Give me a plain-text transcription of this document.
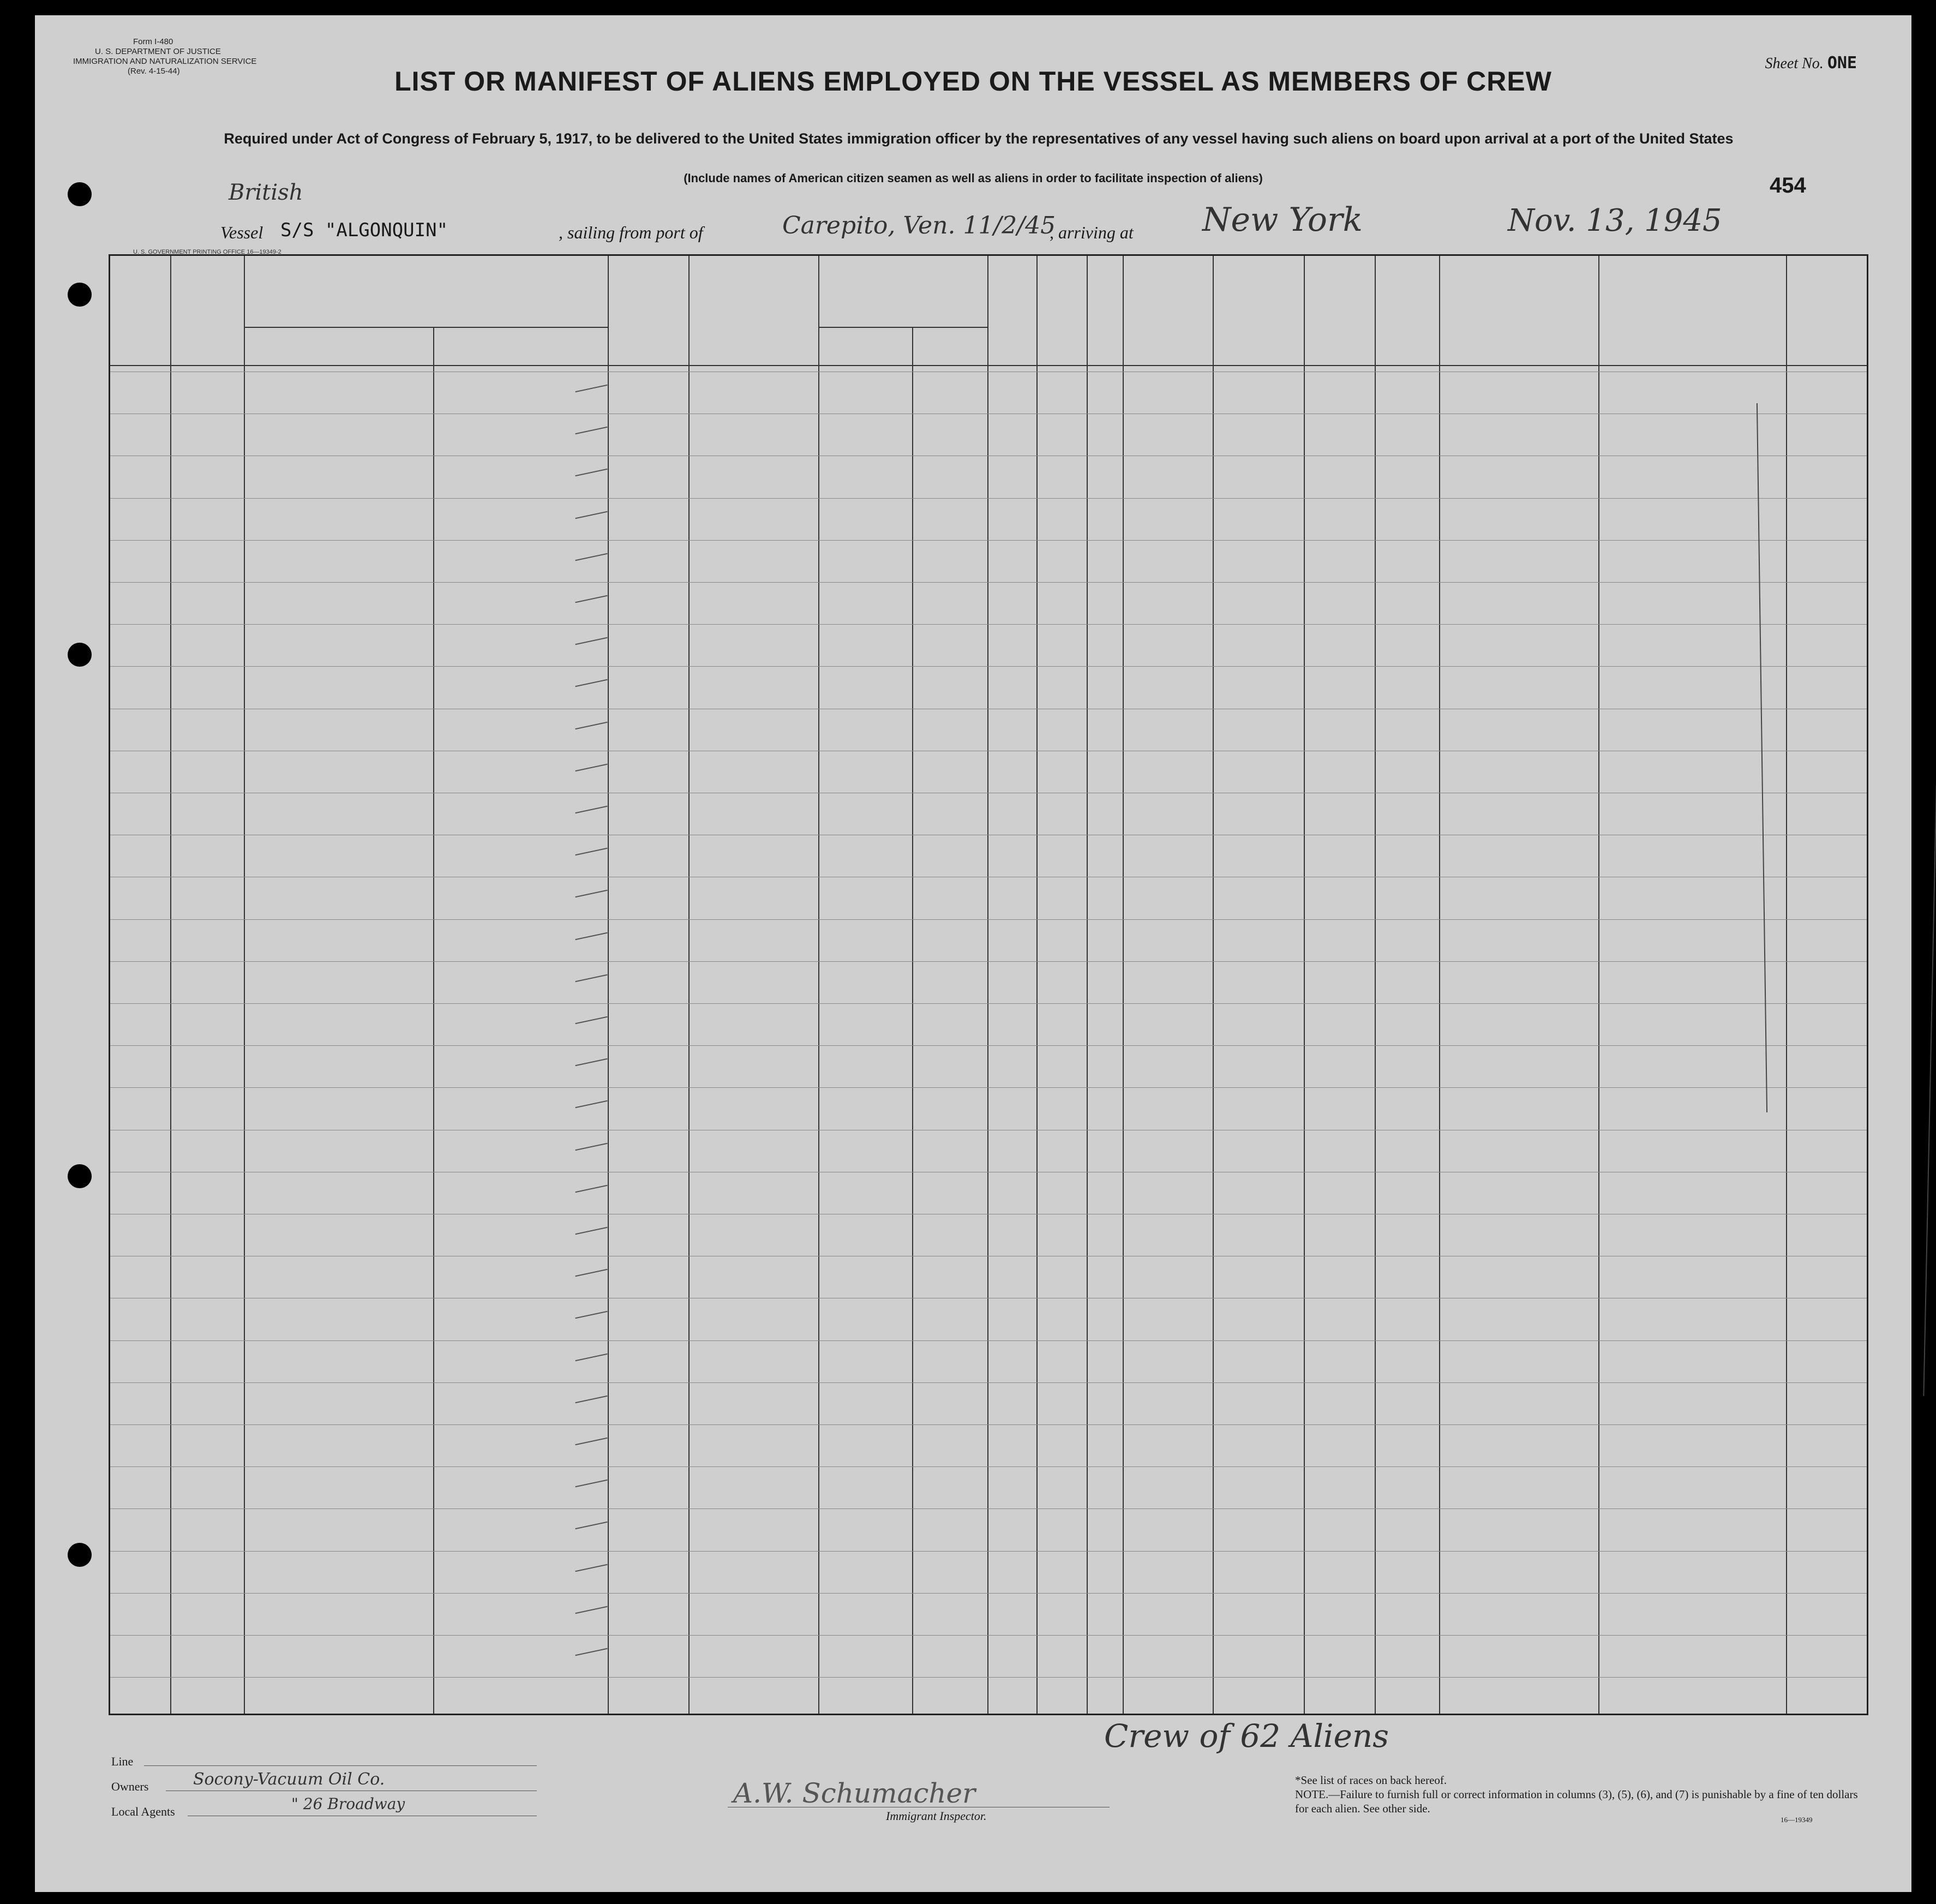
Form I-480
U. S. DEPARTMENT OF JUSTICE
IMMIGRATION AND NATURALIZATION SERVICE
(Rev. 4-15-44)	Sheet No. ONE
LIST OR MANIFEST OF ALIENS EMPLOYED ON THE VESSEL AS MEMBERS OF CREW
Required under Act of Congress of February 5, 1917, to be delivered to the United States immigration officer by the representatives of any vessel having such aliens on board upon arrival at a port of the United States
(Include names of American citizen seamen as well as aliens in order to facilitate inspection of aliens)	454
British
Vessel S/S "ALGONQUIN"	, sailing from port of	Carepito, Ven. 11/2/45
, arriving at New York	Nov. 13, 1945
U. S. GOVERNMENT PRINTING OFFICE 16—19349-2
Crew of 62 Aliens
Line
Owners	Socony-Vacuum Oil Co.
Local Agents	" 26 Broadway	A.W. Schumacher
Immigrant Inspector.
*See list of races on back hereof.
NOTE.—Failure to furnish full or correct information in columns (3), (5), (6), and (7) is punishable by a fine of ten dollars for each alien. See other side.
16—19349
